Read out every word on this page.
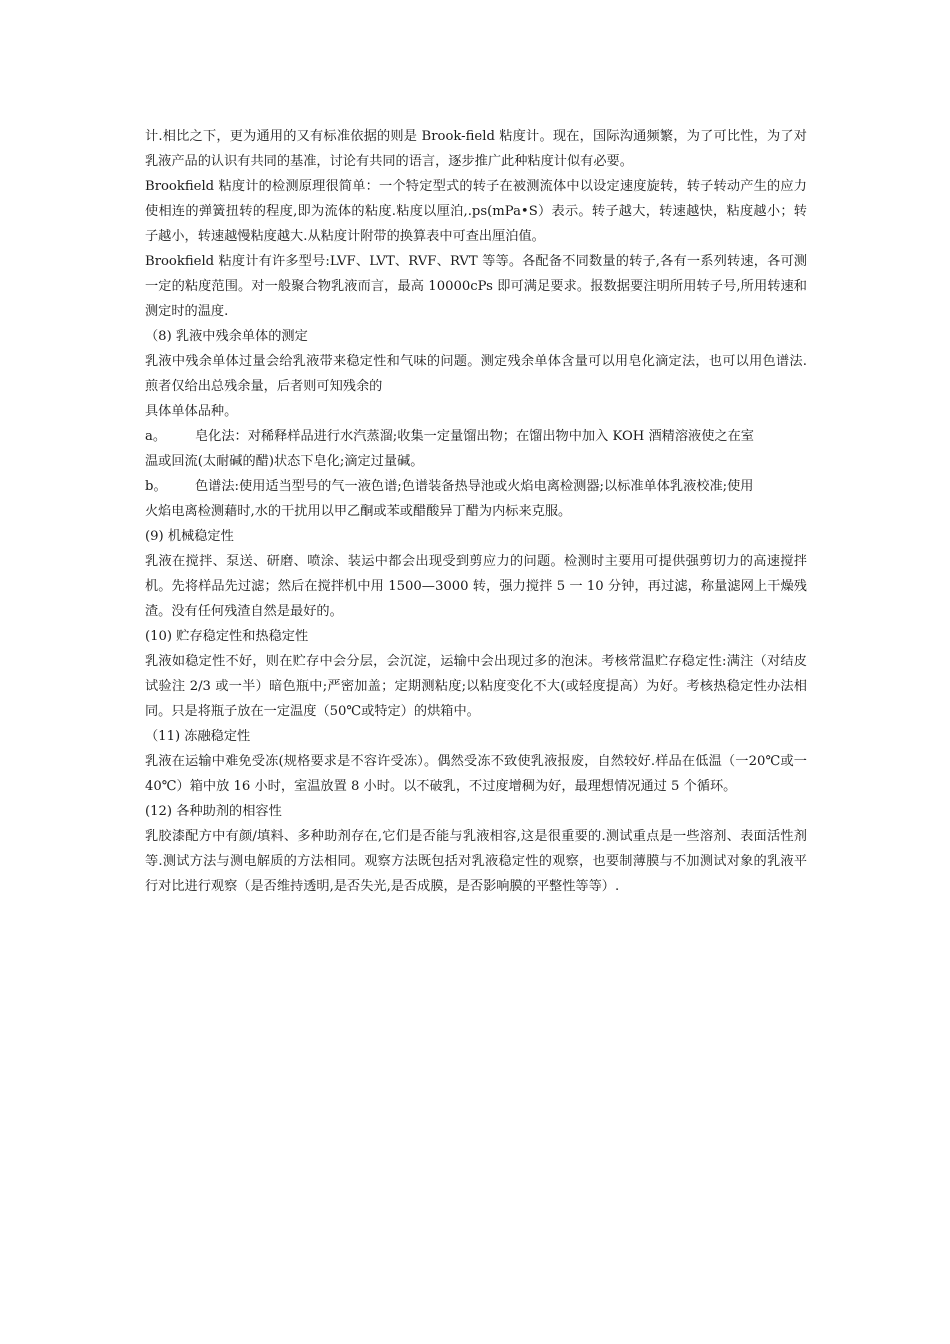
计.相比之下，更为通用的又有标准依据的则是 Brook-field 粘度计。现在，国际沟通频繁，为了可比性，为了对乳液产品的认识有共同的基准，讨论有共同的语言，逐步推广此种粘度计似有必要。

Brookfield 粘度计的检测原理很简单：一个特定型式的转子在被测流体中以设定速度旋转，转子转动产生的应力使相连的弹簧扭转的程度,即为流体的粘度.粘度以厘泊,.ps(mPa•S）表示。转子越大，转速越快，粘度越小；转子越小，转速越慢粘度越大.从粘度计附带的换算表中可查出厘泊值。

Brookfield 粘度计有许多型号:LVF、LVT、RVF、RVT 等等。各配备不同数量的转子,各有一系列转速，各可测一定的粘度范围。对一般聚合物乳液而言，最高 10000cPs 即可满足要求。报数据要注明所用转子号,所用转速和测定时的温度.

（8) 乳液中残余单体的测定

乳液中残余单体过量会给乳液带来稳定性和气味的问题。测定残余单体含量可以用皂化滴定法，也可以用色谱法.煎者仅给出总残余量，后者则可知残余的

具体单体品种。

a。	皂化法：对稀释样品进行水汽蒸溜;收集一定量馏出物；在馏出物中加入 KOH 酒精溶液使之在室
温或回流(太耐碱的醋)状态下皂化;滴定过量碱。
b。	色谱法:使用适当型号的气一液色谱;色谱装备热导池或火焰电离检测器;以标准单体乳液校准;使用
火焰电离检测藉时,水的干扰用以甲乙酮或苯或醋酸异丁醋为内标来克服。

(9) 机械稳定性

乳液在搅拌、泵送、研磨、喷涂、装运中都会出现受到剪应力的问题。检测时主要用可提供强剪切力的高速搅拌机。先将样品先过滤；然后在搅拌机中用 1500—3000 转，强力搅拌 5 一 10 分钟，再过滤，称量滤网上干燥残渣。没有任何残渣自然是最好的。

(10) 贮存稳定性和热稳定性

乳液如稳定性不好，则在贮存中会分层，会沉淀，运输中会出现过多的泡沫。考核常温贮存稳定性:满注（对结皮试验注 2/3 或一半）暗色瓶中;严密加盖；定期测粘度;以粘度变化不大(或轻度提高）为好。考核热稳定性办法相同。只是将瓶子放在一定温度（50℃或特定）的烘箱中。

（11) 冻融稳定性

乳液在运输中难免受冻(规格要求是不容许受冻）。偶然受冻不致使乳液报废，自然较好.样品在低温（一20℃或一 40℃）箱中放 16 小时，室温放置 8 小时。以不破乳，不过度增稠为好，最理想情况通过 5 个循环。

(12) 各种助剂的相容性

乳胶漆配方中有颜/填料、多种助剂存在,它们是否能与乳液相容,这是很重要的.测试重点是一些溶剂、表面活性剂等.测试方法与测电解质的方法相同。观察方法既包括对乳液稳定性的观察，也要制薄膜与不加测试对象的乳液平行对比进行观察（是否维持透明,是否失光,是否成膜，是否影响膜的平整性等等）.
